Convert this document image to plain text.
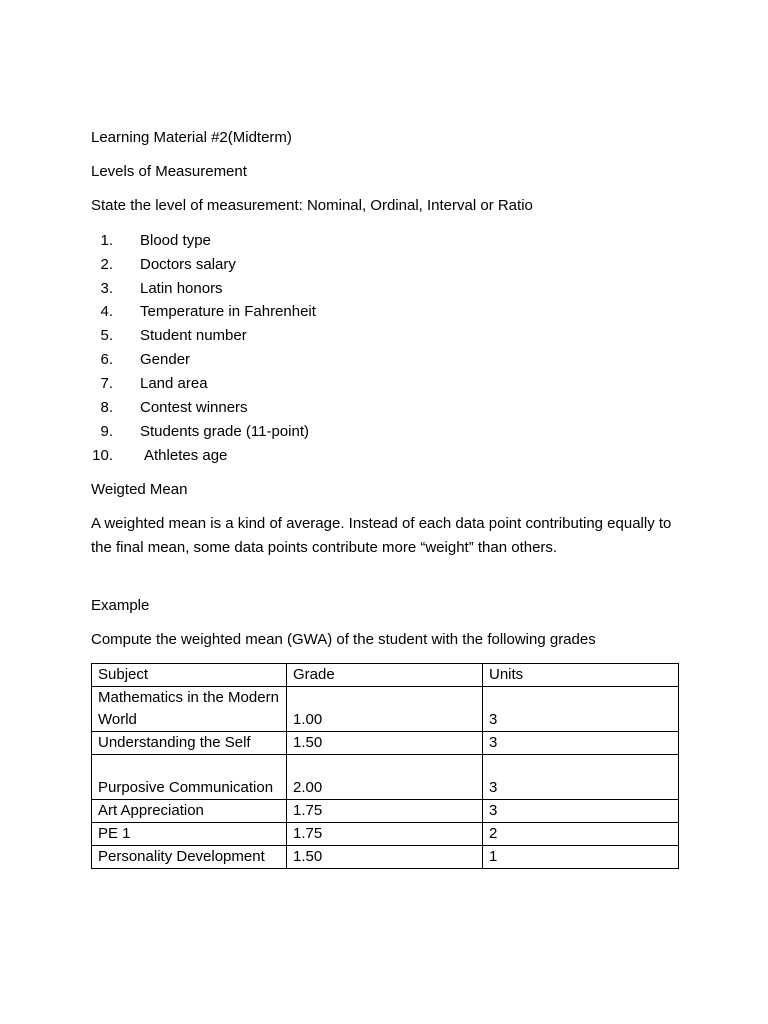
Learning Material #2(Midterm)
Levels of Measurement
State the level of measurement: Nominal, Ordinal, Interval or Ratio
1. Blood type
2. Doctors salary
3. Latin honors
4. Temperature in Fahrenheit
5. Student number
6. Gender
7. Land area
8. Contest winners
9. Students grade (11-point)
10. Athletes age
Weigted Mean
A weighted mean is a kind of average. Instead of each data point contributing equally to the final mean, some data points contribute more “weight” than others.
Example
Compute the weighted mean (GWA) of the student with the following grades
Subject	Grade	Units
Mathematics in the Modern World	1.00	3
Understanding the Self	1.50	3
Purposive Communication	2.00	3
Art Appreciation	1.75	3
PE 1	1.75	2
Personality Development	1.50	1
